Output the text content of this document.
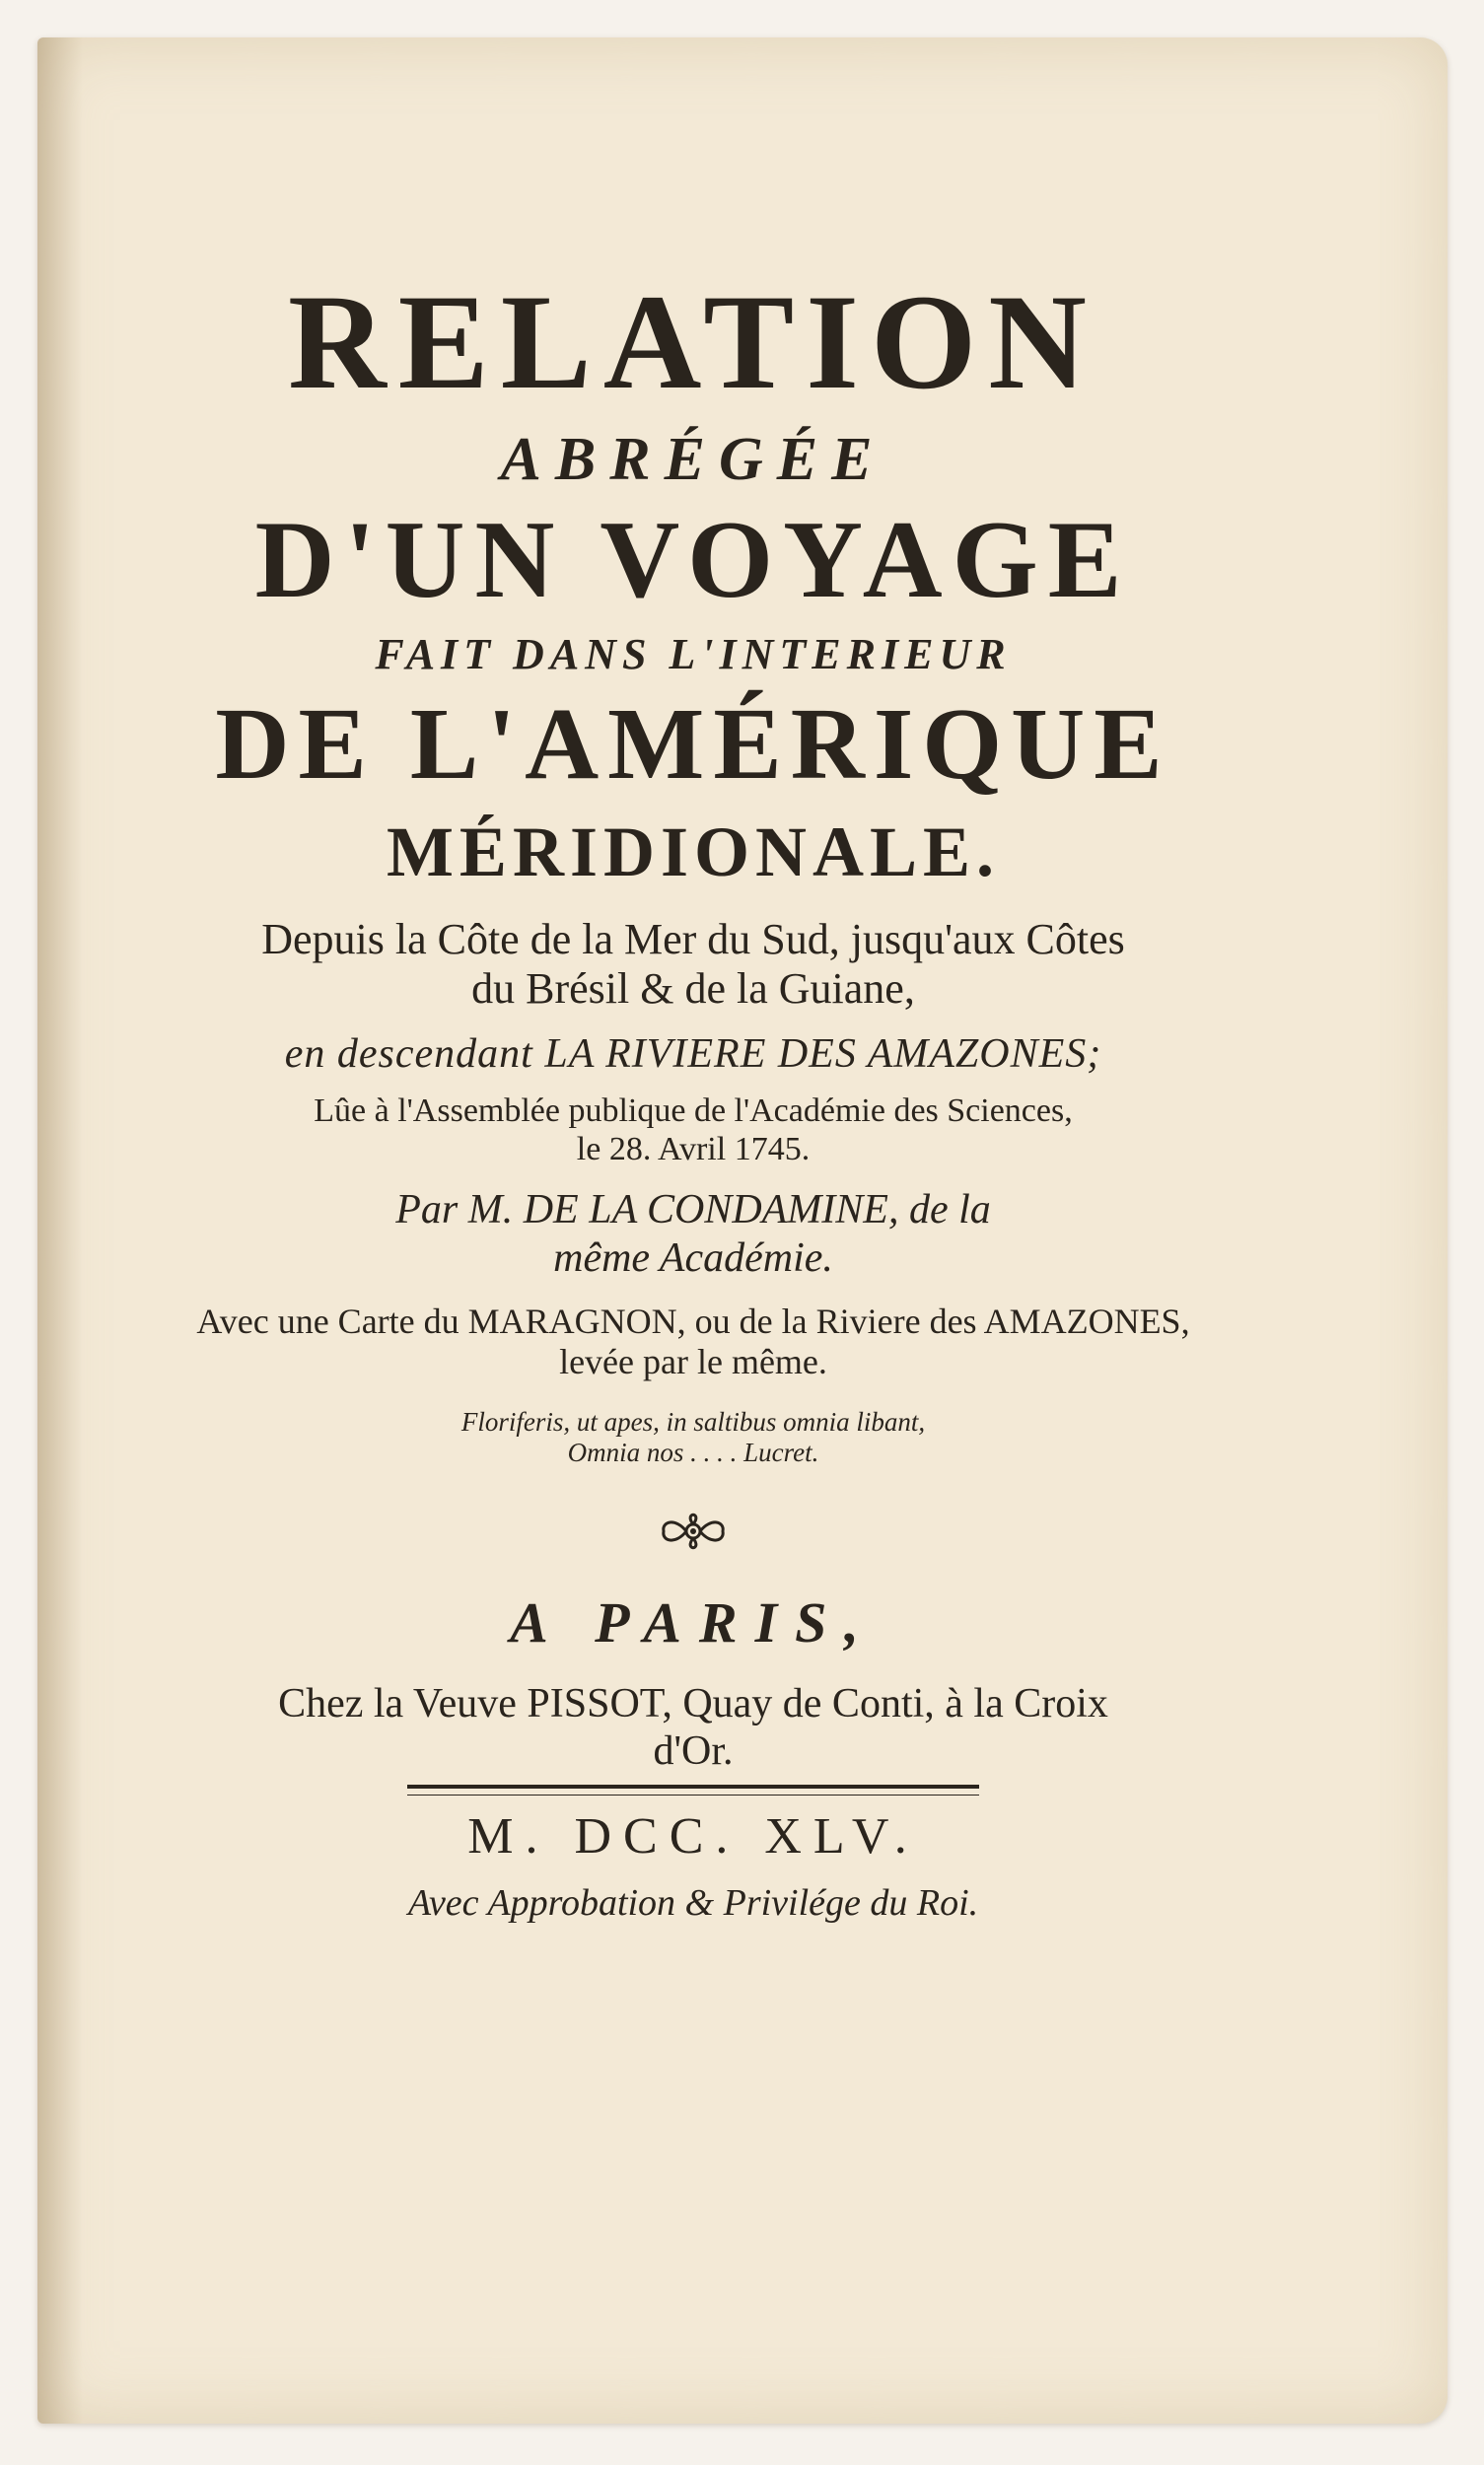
RELATION
ABRÉGÉE
D'UN VOYAGE
FAIT DANS L'INTERIEUR
DE L'AMÉRIQUE
MÉRIDIONALE.
Depuis la Côte de la Mer du Sud, jusqu'aux Côtes
du Brésil & de la Guiane,
en descendant LA RIVIERE DES AMAZONES;
Lûe à l'Assemblée publique de l'Académie des Sciences,
le 28. Avril 1745.
Par M. DE LA CONDAMINE, de la
même Académie.
Avec une Carte du MARAGNON, ou de la Riviere des AMAZONES,
levée par le même.
Floriferis, ut apes, in saltibus omnia libant,
Omnia nos . . . . Lucret.
A PARIS,
Chez la Veuve PISSOT, Quay de Conti, à la Croix
d'Or.
M. DCC. XLV.
Avec Approbation & Privilége du Roi.
